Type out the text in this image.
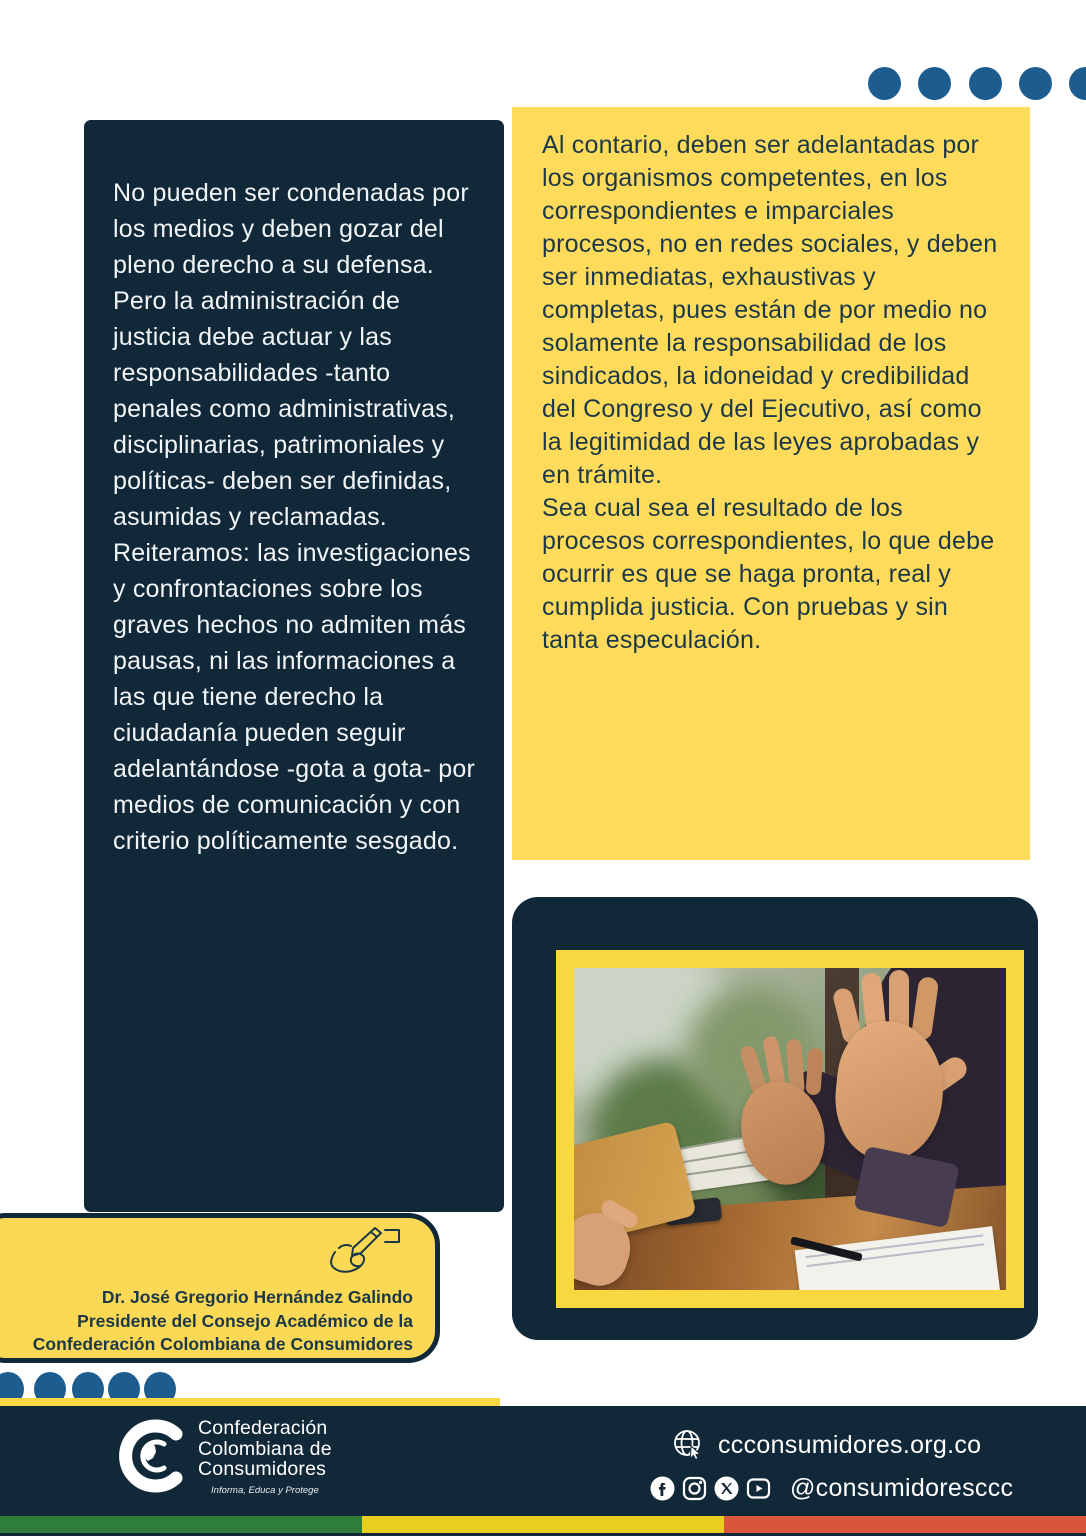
No pueden ser condenadas por los medios y deben gozar del pleno derecho a su defensa. Pero la administración de justicia debe actuar y las responsabilidades -tanto penales como administrativas, disciplinarias, patrimoniales y políticas- deben ser definidas, asumidas y reclamadas. Reiteramos: las investigaciones y confrontaciones sobre los graves hechos no admiten más pausas, ni las informaciones a las que tiene derecho la ciudadanía pueden seguir adelantándose -gota a gota- por medios de comunicación y con criterio políticamente sesgado.

Al contario, deben ser adelantadas por los organismos competentes, en los correspondientes e imparciales procesos, no en redes sociales, y deben ser inmediatas, exhaustivas y completas, pues están de por medio no solamente la responsabilidad de los sindicados, la idoneidad y credibilidad del Congreso y del Ejecutivo, así como la legitimidad de las leyes aprobadas y en trámite.

Sea cual sea el resultado de los procesos correspondientes, lo que debe ocurrir es que se haga pronta, real y cumplida justicia. Con pruebas y sin tanta especulación.

Dr. José Gregorio Hernández Galindo
Presidente del Consejo Académico de la
Confederación Colombiana de Consumidores
Confederación
Colombiana de
Consumidores
Informa, Educa y Protege
ccconsumidores.org.co
@consumidoresccc
